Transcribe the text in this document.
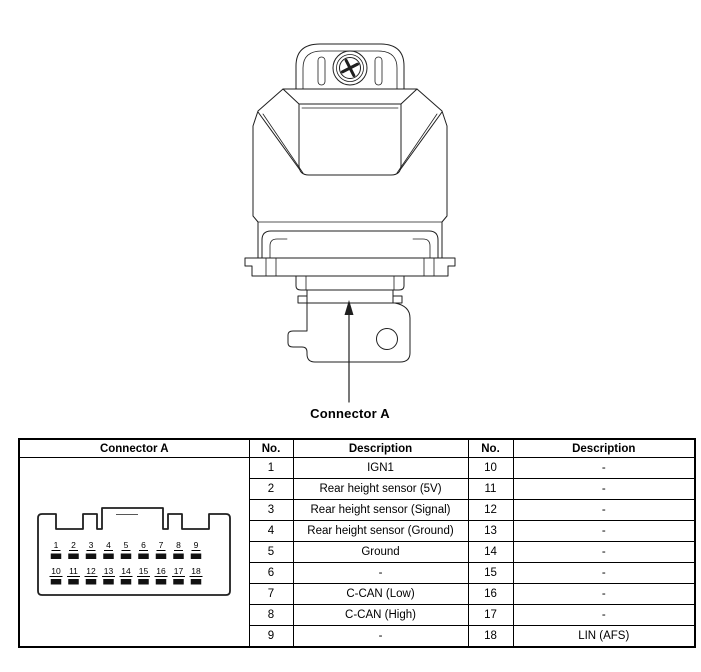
Connector A
Connector A	No.	Description	No.	Description

1 2 3 4 5 6 7 8 9
10 11 12 13 14 15 16 17 18
	1	IGN1	10	-
	2	Rear height sensor (5V)	11	-
	3	Rear height sensor (Signal)	12	-
	4	Rear height sensor (Ground)	13	-
	5	Ground	14	-
	6	-	15	-
	7	C-CAN (Low)	16	-
	8	C-CAN (High)	17	-
	9	-	18	LIN (AFS)
